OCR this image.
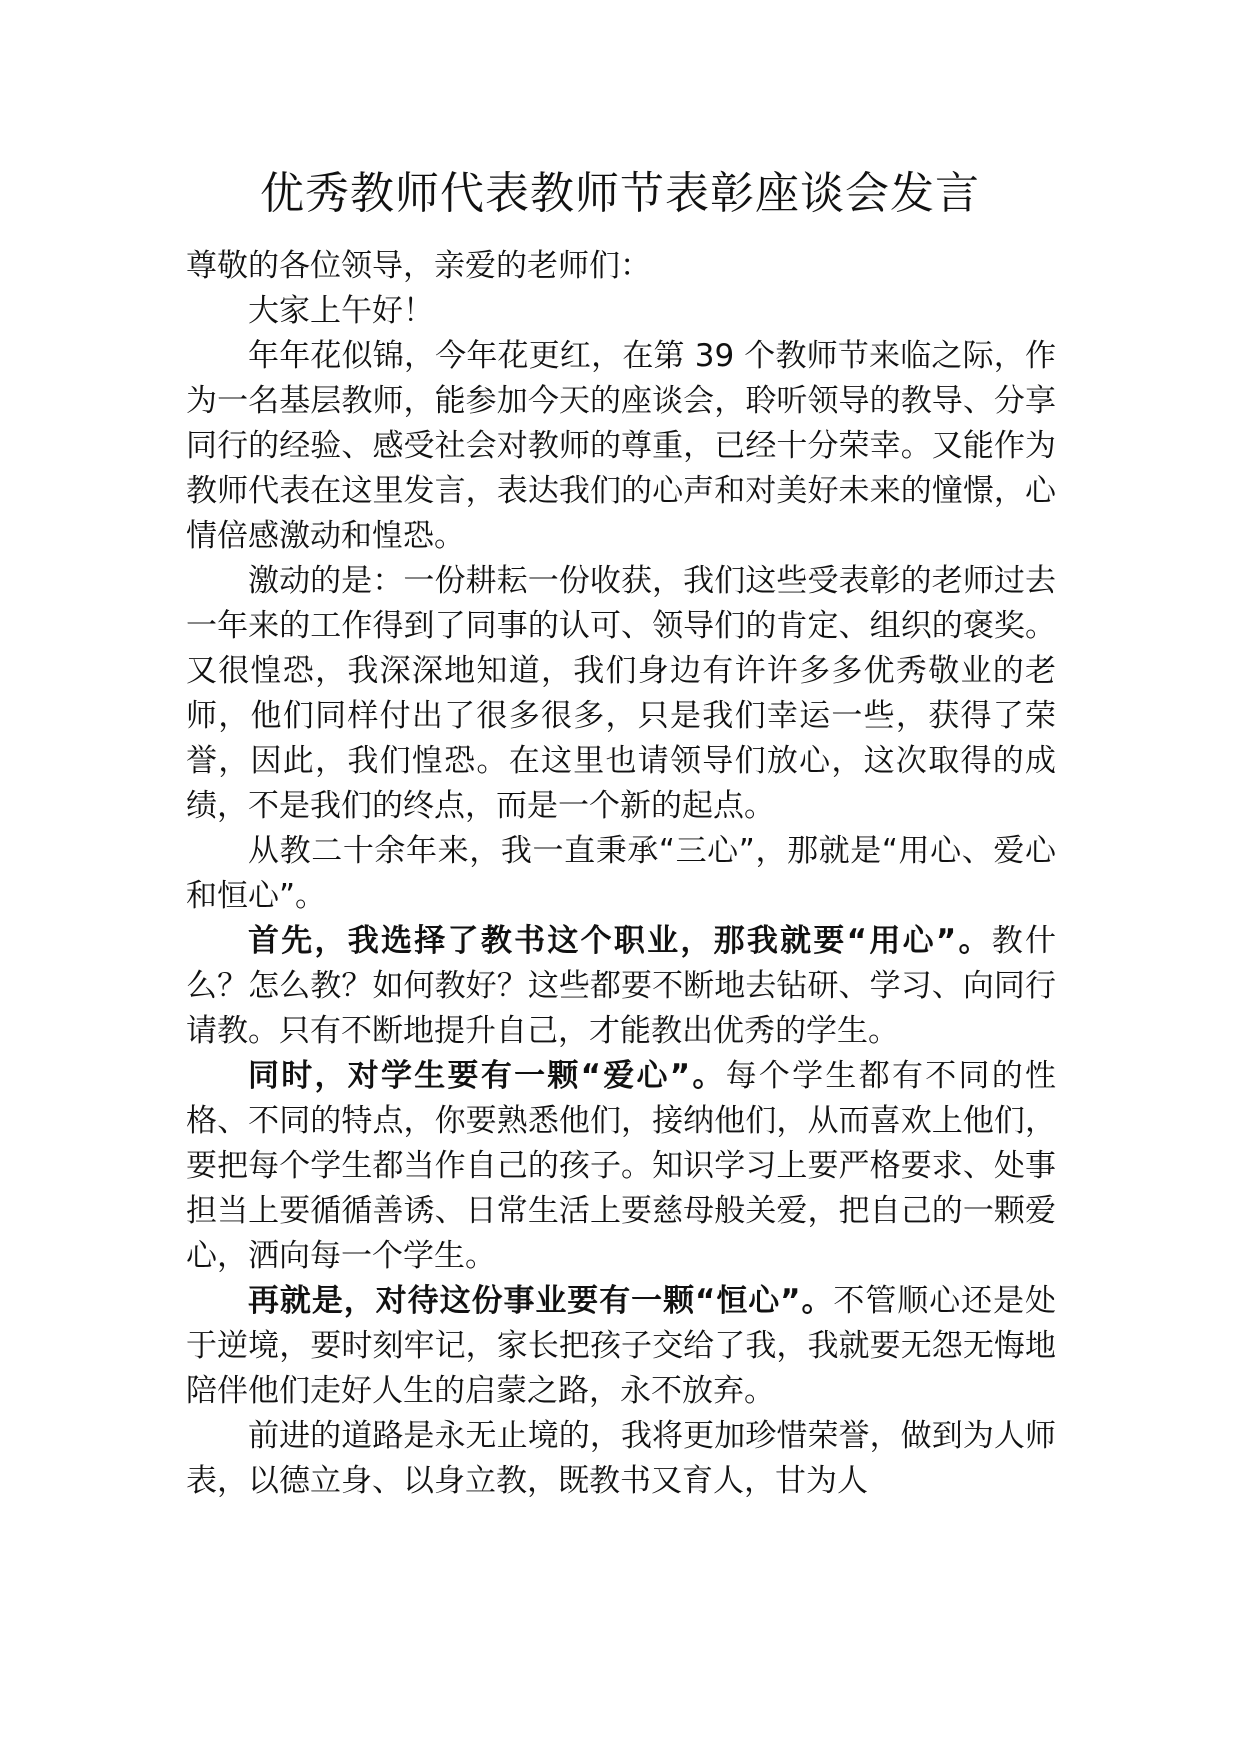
优秀教师代表教师节表彰座谈会发言

尊敬的各位领导，亲爱的老师们：

大家上午好！

年年花似锦，今年花更红，在第 39 个教师节来临之际，作为一名基层教师，能参加今天的座谈会，聆听领导的教导、分享同行的经验、感受社会对教师的尊重，已经十分荣幸。又能作为教师代表在这里发言，表达我们的心声和对美好未来的憧憬，心情倍感激动和惶恐。

激动的是：一份耕耘一份收获，我们这些受表彰的老师过去一年来的工作得到了同事的认可、领导们的肯定、组织的褒奖。又很惶恐，我深深地知道，我们身边有许许多多优秀敬业的老师，他们同样付出了很多很多，只是我们幸运一些，获得了荣誉，因此，我们惶恐。在这里也请领导们放心，这次取得的成绩，不是我们的终点，而是一个新的起点。

从教二十余年来，我一直秉承“三心”，那就是“用心、爱心和恒心”。

首先，我选择了教书这个职业，那我就要“用心”。教什么？怎么教？如何教好？这些都要不断地去钻研、学习、向同行请教。只有不断地提升自己，才能教出优秀的学生。

同时，对学生要有一颗“爱心”。每个学生都有不同的性格、不同的特点，你要熟悉他们，接纳他们，从而喜欢上他们，要把每个学生都当作自己的孩子。知识学习上要严格要求、处事担当上要循循善诱、日常生活上要慈母般关爱，把自己的一颗爱心，洒向每一个学生。

再就是，对待这份事业要有一颗“恒心”。不管顺心还是处于逆境，要时刻牢记，家长把孩子交给了我，我就要无怨无悔地陪伴他们走好人生的启蒙之路，永不放弃。

前进的道路是永无止境的，我将更加珍惜荣誉，做到为人师表，以德立身、以身立教，既教书又育人，甘为人
